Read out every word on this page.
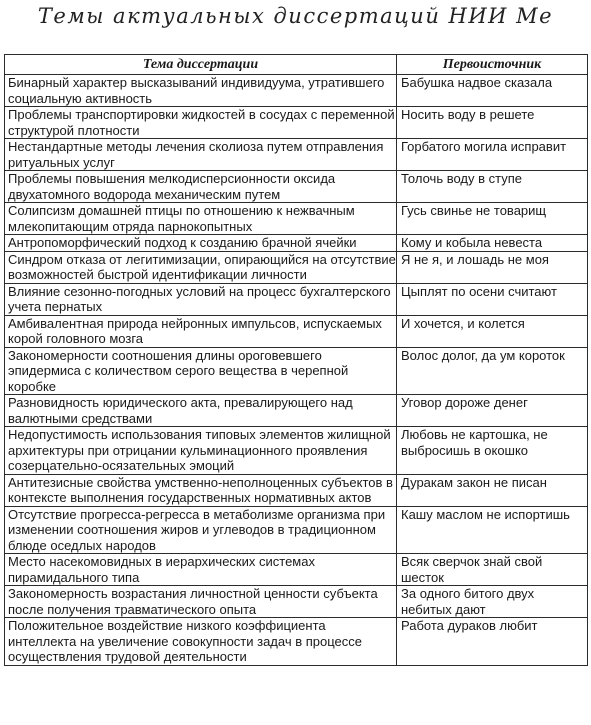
Темы актуальных диссертаций НИИ Ме
Тема диссертации	Первоисточник
Бинарный характер высказываний индивидуума, утратившего социальную активность	Бабушка надвое сказала
Проблемы транспортировки жидкостей в сосудах с переменной структурой плотности	Носить воду в решете
Нестандартные методы лечения сколиоза путем отправления ритуальных услуг	Горбатого могила исправит
Проблемы повышения мелкодисперсионности оксида двухатомного водорода механическим путем	Толочь воду в ступе
Солипсизм домашней птицы по отношению к нежвачным млекопитающим отряда парнокопытных	Гусь свинье не товарищ
Антропоморфический подход к созданию брачной ячейки	Кому и кобыла невеста
Синдром отказа от легитимизации, опирающийся на отсутствие возможностей быстрой идентификации личности	Я не я, и лошадь не моя
Влияние сезонно-погодных условий на процесс бухгалтерского учета пернатых	Цыплят по осени считают
Амбивалентная природа нейронных импульсов, испускаемых корой головного мозга	И хочется, и колется
Закономерности соотношения длины ороговевшего эпидермиса с количеством серого вещества в черепной коробке	Волос долог, да ум короток
Разновидность юридического акта, превалирующего над валютными средствами	Уговор дороже денег
Недопустимость использования типовых элементов жилищной архитектуры при отрицании кульминационного проявления созерцательно-осязательных эмоций	Любовь не картошка, не выбросишь в окошко
Антитезисные свойства умственно-неполноценных субъектов в контексте выполнения государственных нормативных актов	Дуракам закон не писан
Отсутствие прогресса-регресса в метаболизме организма при изменении соотношения жиров и углеводов в традиционном блюде оседлых народов	Кашу маслом не испортишь
Место насекомовидных в иерархических системах пирамидального типа	Всяк сверчок знай свой шесток
Закономерность возрастания личностной ценности субъекта после получения травматического опыта	За одного битого двух небитых дают
Положительное воздействие низкого коэффициента интеллекта на увеличение совокупности задач в процессе осуществления трудовой деятельности	Работа дураков любит
